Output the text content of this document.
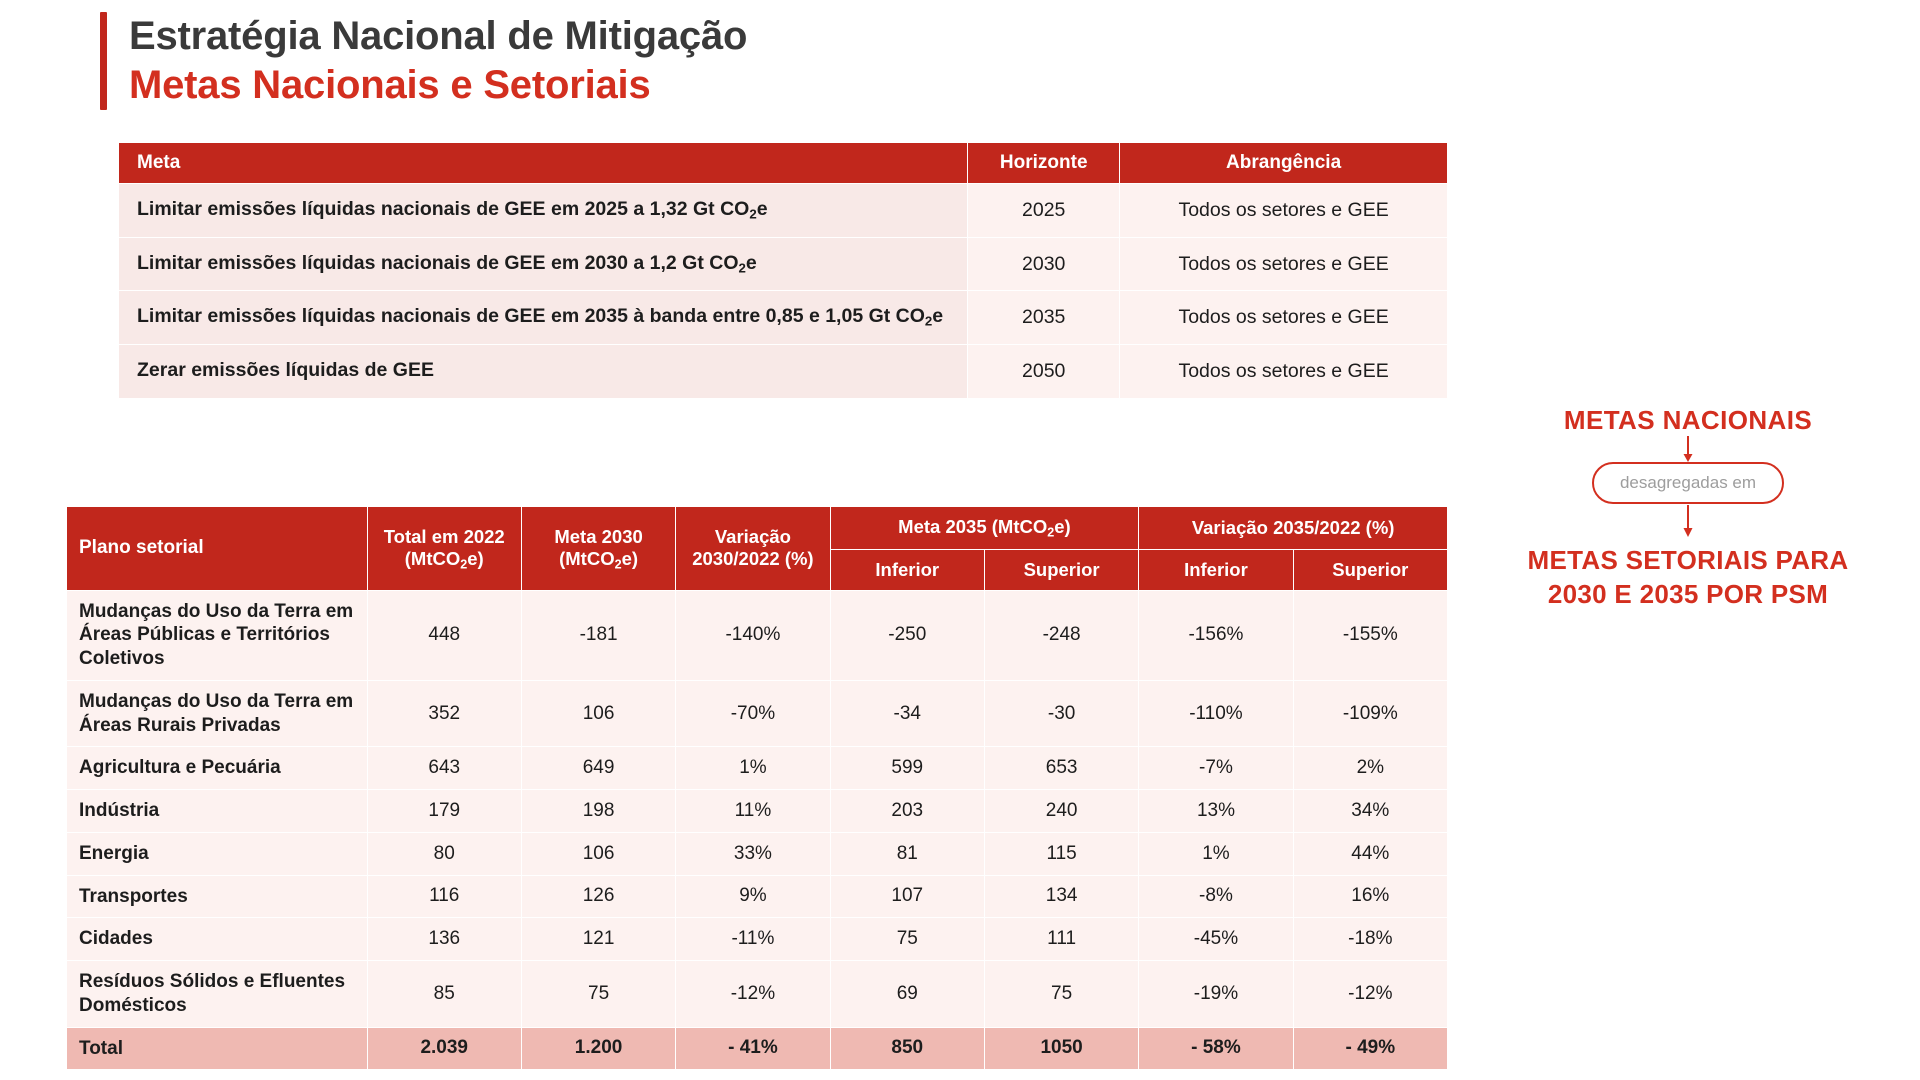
Estratégia Nacional de Mitigação
Metas Nacionais e Setoriais
Meta	Horizonte	Abrangência
Limitar emissões líquidas nacionais de GEE em 2025 a 1,32 Gt $CO_2e$	2025	Todos os setores e GEE
Limitar emissões líquidas nacionais de GEE em 2030 a 1,2 Gt $CO_2e$	2030	Todos os setores e GEE
Limitar emissões líquidas nacionais de GEE em 2035 à banda entre 0,85 e 1,05 Gt $CO_2e$	2035	Todos os setores e GEE
Zerar emissões líquidas de GEE	2050	Todos os setores e GEE
Plano setorial	Total em 2022 (MtCO$_2$e)	Meta 2030 (MtCO$_2$e)	Variação 2030/2022 (%)	Meta 2035 (MtCO$_2$e)		Variação 2035/2022 (%)	
				Inferior	Superior	Inferior	Superior
Mudanças do Uso da Terra em Áreas Públicas e Territórios Coletivos	448	-181	-140%	-250	-248	-156%	-155%
Mudanças do Uso da Terra em Áreas Rurais Privadas	352	106	-70%	-34	-30	-110%	-109%
Agricultura e Pecuária	643	649	1%	599	653	-7%	2%
Indústria	179	198	11%	203	240	13%	34%
Energia	80	106	33%	81	115	1%	44%
Transportes	116	126	9%	107	134	-8%	16%
Cidades	136	121	-11%	75	111	-45%	-18%
Resíduos Sólidos e Efluentes Domésticos	85	75	-12%	69	75	-19%	-12%
Total	2.039	1.200	- 41%	850	1050	- 58%	- 49%
METAS NACIONAIS
desagregadas em
METAS SETORIAIS PARA
2030 E 2035 POR PSM
